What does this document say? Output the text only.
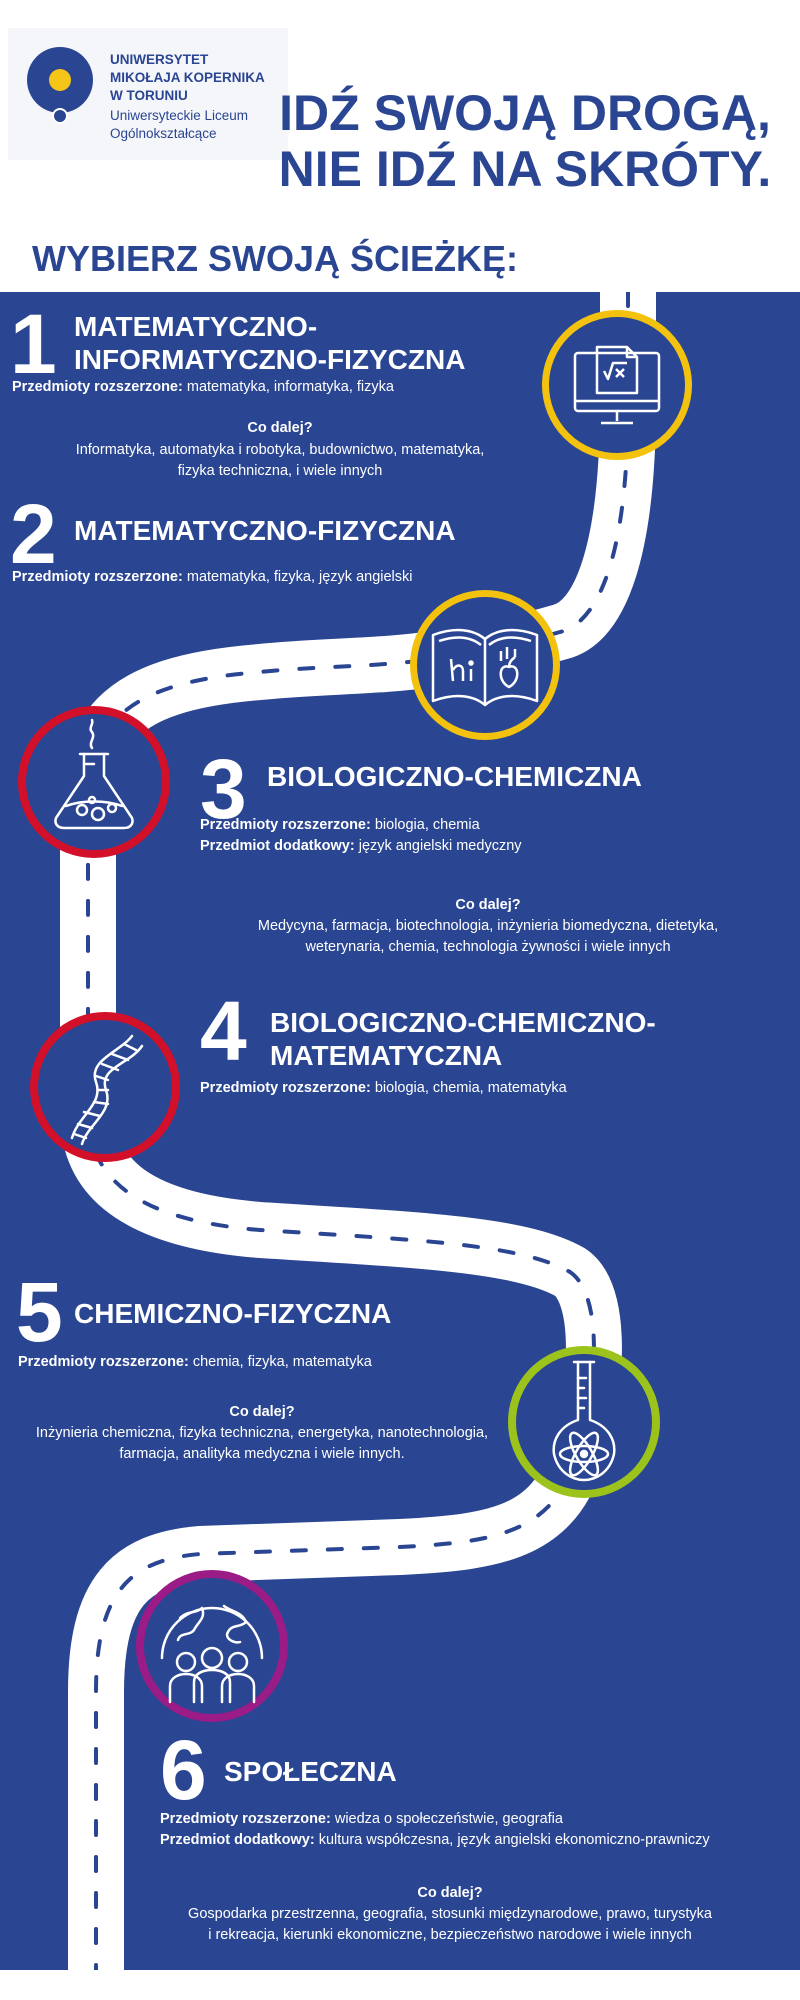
UNIWERSYTET
MIKOŁAJA KOPERNIKA
W TORUNIU
Uniwersyteckie Liceum
Ogólnokształcące	IDŹ SWOJĄ DROGĄ,
NIE IDŹ NA SKRÓTY.
WYBIERZ SWOJĄ ŚCIEŻKĘ:
1 MATEMATYCZNO-
INFORMATYCZNO-FIZYCZNA
Przedmioty rozszerzone: matematyka, informatyka, fizyka
Co dalej?
Informatyka, automatyka i robotyka, budownictwo, matematyka,
fizyka techniczna, i wiele innych
2 MATEMATYCZNO-FIZYCZNA
Przedmioty rozszerzone: matematyka, fizyka, język angielski
3 BIOLOGICZNO-CHEMICZNA
Przedmioty rozszerzone: biologia, chemia
Przedmiot dodatkowy: język angielski medyczny
Co dalej?
Medycyna, farmacja, biotechnologia, inżynieria biomedyczna, dietetyka,
weterynaria, chemia, technologia żywności i wiele innych
4 BIOLOGICZNO-CHEMICZNO-
MATEMATYCZNA
Przedmioty rozszerzone: biologia, chemia, matematyka
5 CHEMICZNO-FIZYCZNA
Przedmioty rozszerzone: chemia, fizyka, matematyka
Co dalej?
Inżynieria chemiczna, fizyka techniczna, energetyka, nanotechnologia,
farmacja, analityka medyczna i wiele innych.
6 SPOŁECZNA
Przedmioty rozszerzone: wiedza o społeczeństwie, geografia
Przedmiot dodatkowy: kultura współczesna, język angielski ekonomiczno-prawniczy
Co dalej?
Gospodarka przestrzenna, geografia, stosunki międzynarodowe, prawo, turystyka
i rekreacja, kierunki ekonomiczne, bezpieczeństwo narodowe i wiele innych
